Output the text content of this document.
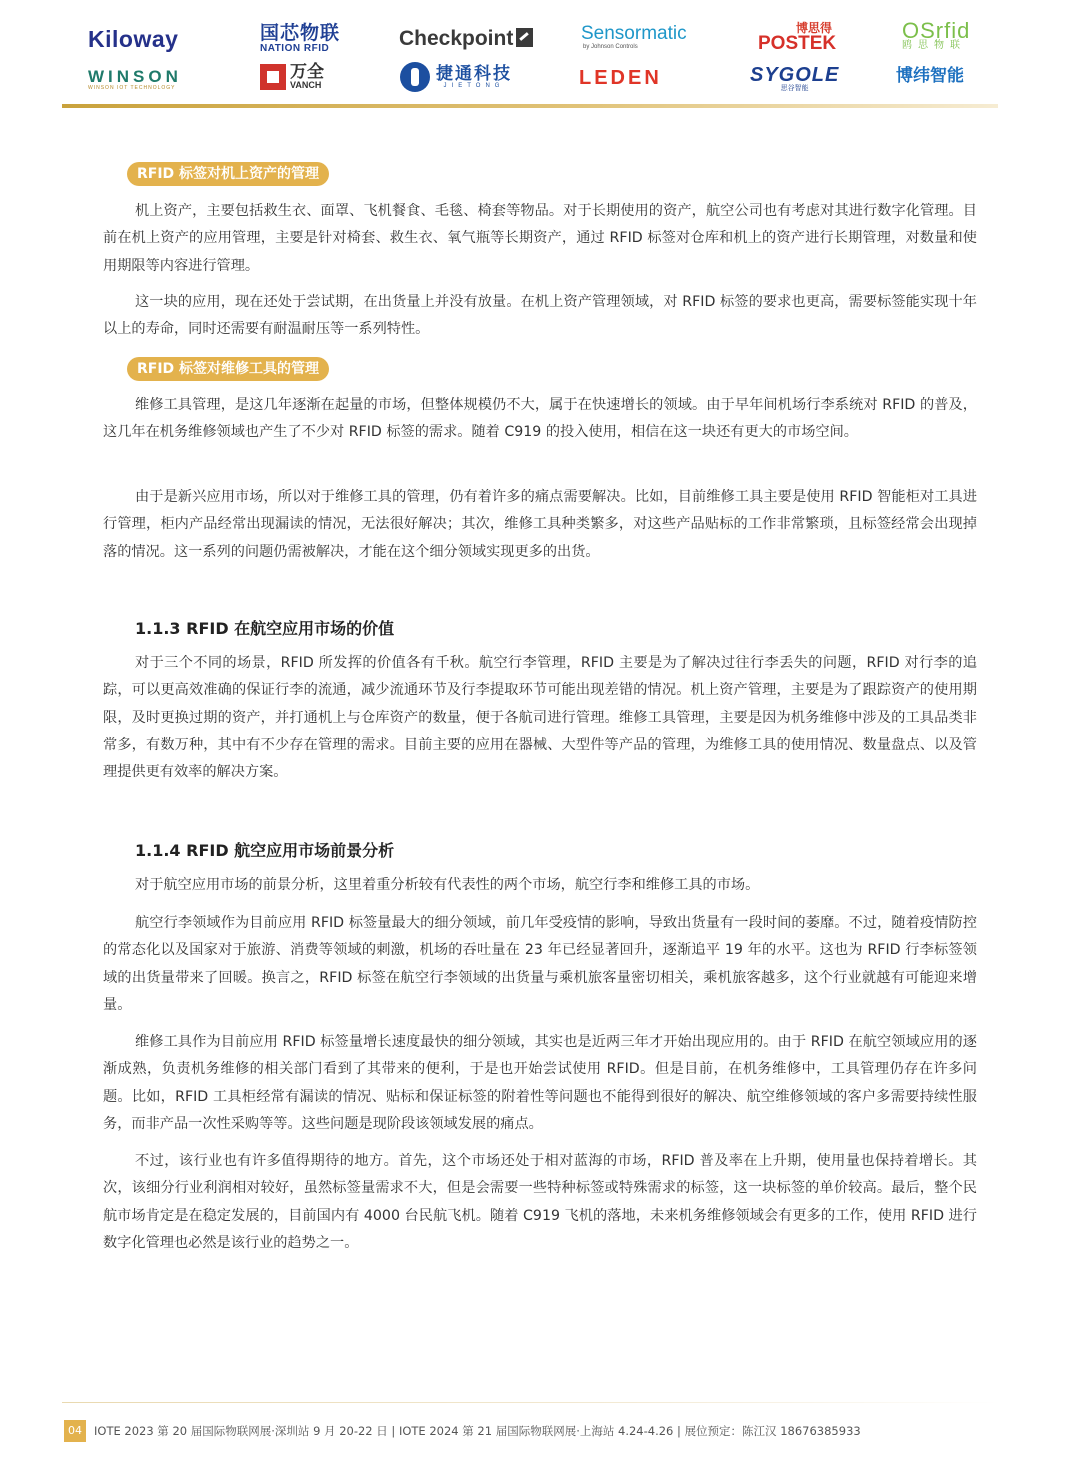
Kiloway	国芯物联
NATION RFID	Checkpoint	Sensormatic
by Johnson Controls
博思得
POSTEK
OSrfid
鸥思物联
WINSON
WINSON IOT TECHNOLOGY
万全
VANCH
捷通科技
JIETONG	LEDEN	SYGOLE
思谷智能
博纬智能
RFID 标签对机上资产的管理

机上资产，主要包括救生衣、面罩、飞机餐食、毛毯、椅套等物品。对于长期使用的资产，航空公司也有考虑对其进行数字化管理。目前在机上资产的应用管理，主要是针对椅套、救生衣、氧气瓶等长期资产，通过 RFID 标签对仓库和机上的资产进行长期管理，对数量和使用期限等内容进行管理。

这一块的应用，现在还处于尝试期，在出货量上并没有放量。在机上资产管理领域，对 RFID 标签的要求也更高，需要标签能实现十年以上的寿命，同时还需要有耐温耐压等一系列特性。

RFID 标签对维修工具的管理

维修工具管理，是这几年逐渐在起量的市场，但整体规模仍不大，属于在快速增长的领域。由于早年间机场行李系统对 RFID 的普及，这几年在机务维修领域也产生了不少对 RFID 标签的需求。随着 C919 的投入使用，相信在这一块还有更大的市场空间。

由于是新兴应用市场，所以对于维修工具的管理，仍有着许多的痛点需要解决。比如，目前维修工具主要是使用 RFID 智能柜对工具进行管理，柜内产品经常出现漏读的情况，无法很好解决；其次，维修工具种类繁多，对这些产品贴标的工作非常繁琐，且标签经常会出现掉落的情况。这一系列的问题仍需被解决，才能在这个细分领域实现更多的出货。

1.1.3 RFID 在航空应用市场的价值

对于三个不同的场景，RFID 所发挥的价值各有千秋。航空行李管理，RFID 主要是为了解决过往行李丢失的问题，RFID 对行李的追踪，可以更高效准确的保证行李的流通，减少流通环节及行李提取环节可能出现差错的情况。机上资产管理，主要是为了跟踪资产的使用期限，及时更换过期的资产，并打通机上与仓库资产的数量，便于各航司进行管理。维修工具管理，主要是因为机务维修中涉及的工具品类非常多，有数万种，其中有不少存在管理的需求。目前主要的应用在器械、大型件等产品的管理，为维修工具的使用情况、数量盘点、以及管理提供更有效率的解决方案。

1.1.4 RFID 航空应用市场前景分析

对于航空应用市场的前景分析，这里着重分析较有代表性的两个市场，航空行李和维修工具的市场。

航空行李领域作为目前应用 RFID 标签量最大的细分领域，前几年受疫情的影响，导致出货量有一段时间的萎靡。不过，随着疫情防控的常态化以及国家对于旅游、消费等领域的刺激，机场的吞吐量在 23 年已经显著回升，逐渐追平 19 年的水平。这也为 RFID 行李标签领域的出货量带来了回暖。换言之，RFID 标签在航空行李领域的出货量与乘机旅客量密切相关，乘机旅客越多，这个行业就越有可能迎来增量。

维修工具作为目前应用 RFID 标签量增长速度最快的细分领域，其实也是近两三年才开始出现应用的。由于 RFID 在航空领域应用的逐渐成熟，负责机务维修的相关部门看到了其带来的便利，于是也开始尝试使用 RFID。但是目前，在机务维修中，工具管理仍存在许多问题。比如，RFID 工具柜经常有漏读的情况、贴标和保证标签的附着性等问题也不能得到很好的解决、航空维修领域的客户多需要持续性服务，而非产品一次性采购等等。这些问题是现阶段该领域发展的痛点。

不过，该行业也有许多值得期待的地方。首先，这个市场还处于相对蓝海的市场，RFID 普及率在上升期，使用量也保持着增长。其次，该细分行业利润相对较好，虽然标签量需求不大，但是会需要一些特种标签或特殊需求的标签，这一块标签的单价较高。最后，整个民航市场肯定是在稳定发展的，目前国内有 4000 台民航飞机。随着 C919 飞机的落地，未来机务维修领域会有更多的工作，使用 RFID 进行数字化管理也必然是该行业的趋势之一。

04	IOTE 2023 第 20 届国际物联网展·深圳站 9 月 20-22 日 | IOTE 2024 第 21 届国际物联网展·上海站 4.24-4.26 | 展位预定：陈江汉 18676385933
